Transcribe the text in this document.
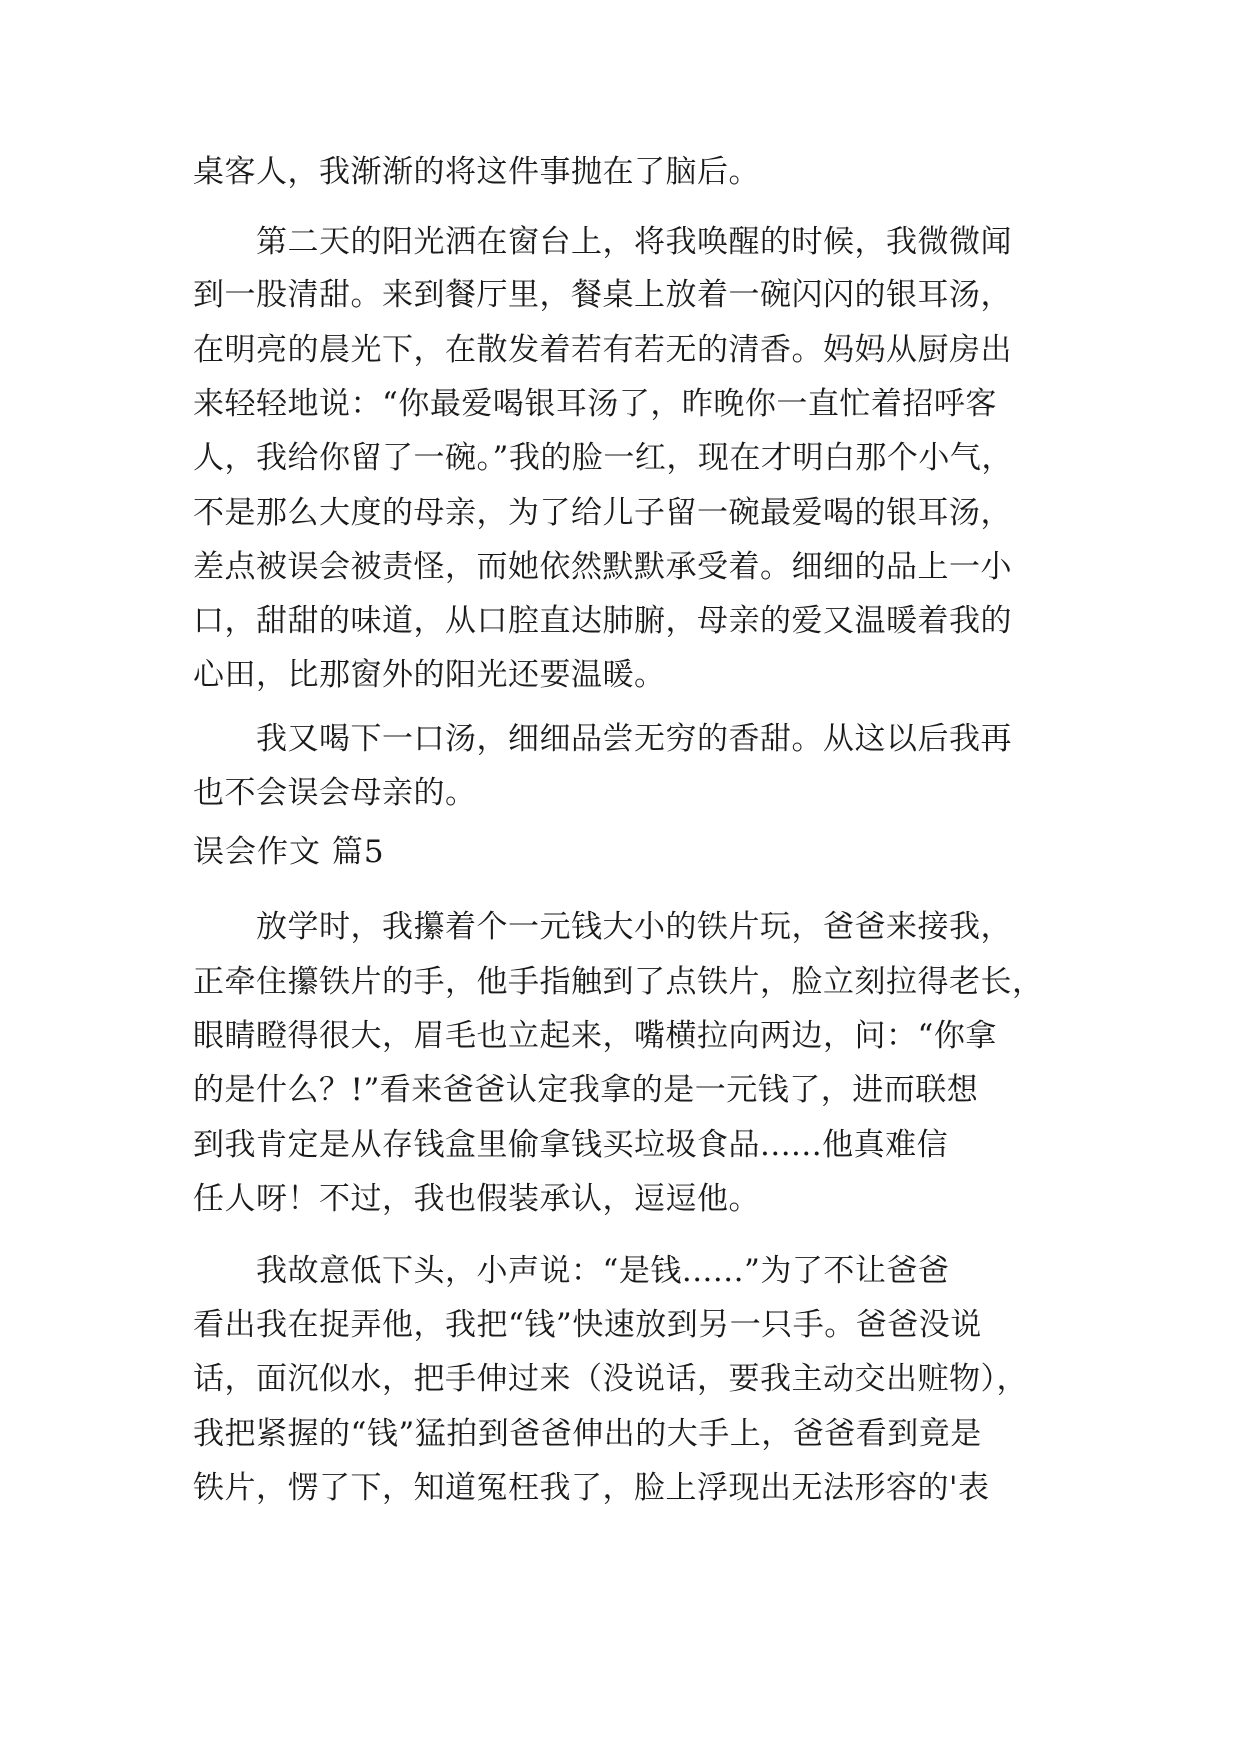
桌客人，我渐渐的将这件事抛在了脑后。
第二天的阳光洒在窗台上，将我唤醒的时候，我微微闻
到一股清甜。来到餐厅里，餐桌上放着一碗闪闪的银耳汤，
在明亮的晨光下，在散发着若有若无的清香。妈妈从厨房出
来轻轻地说：“你最爱喝银耳汤了，昨晚你一直忙着招呼客
人，我给你留了一碗。”我的脸一红，现在才明白那个小气，
不是那么大度的母亲，为了给儿子留一碗最爱喝的银耳汤，
差点被误会被责怪，而她依然默默承受着。细细的品上一小
口，甜甜的味道，从口腔直达肺腑，母亲的爱又温暖着我的
心田，比那窗外的阳光还要温暖。
我又喝下一口汤，细细品尝无穷的香甜。从这以后我再
也不会误会母亲的。
误会作文 篇5
放学时，我攥着个一元钱大小的铁片玩，爸爸来接我，
正牵住攥铁片的手，他手指触到了点铁片，脸立刻拉得老长，
眼睛瞪得很大，眉毛也立起来，嘴横拉向两边，问：“你拿
的是什么？!”看来爸爸认定我拿的是一元钱了，进而联想
到我肯定是从存钱盒里偷拿钱买垃圾食品......他真难信
任人呀！不过，我也假装承认，逗逗他。
我故意低下头，小声说：“是钱......”为了不让爸爸
看出我在捉弄他，我把“钱”快速放到另一只手。爸爸没说
话，面沉似水，把手伸过来（没说话，要我主动交出赃物），
我把紧握的“钱”猛拍到爸爸伸出的大手上，爸爸看到竟是
铁片，愣了下，知道冤枉我了，脸上浮现出无法形容的'表
